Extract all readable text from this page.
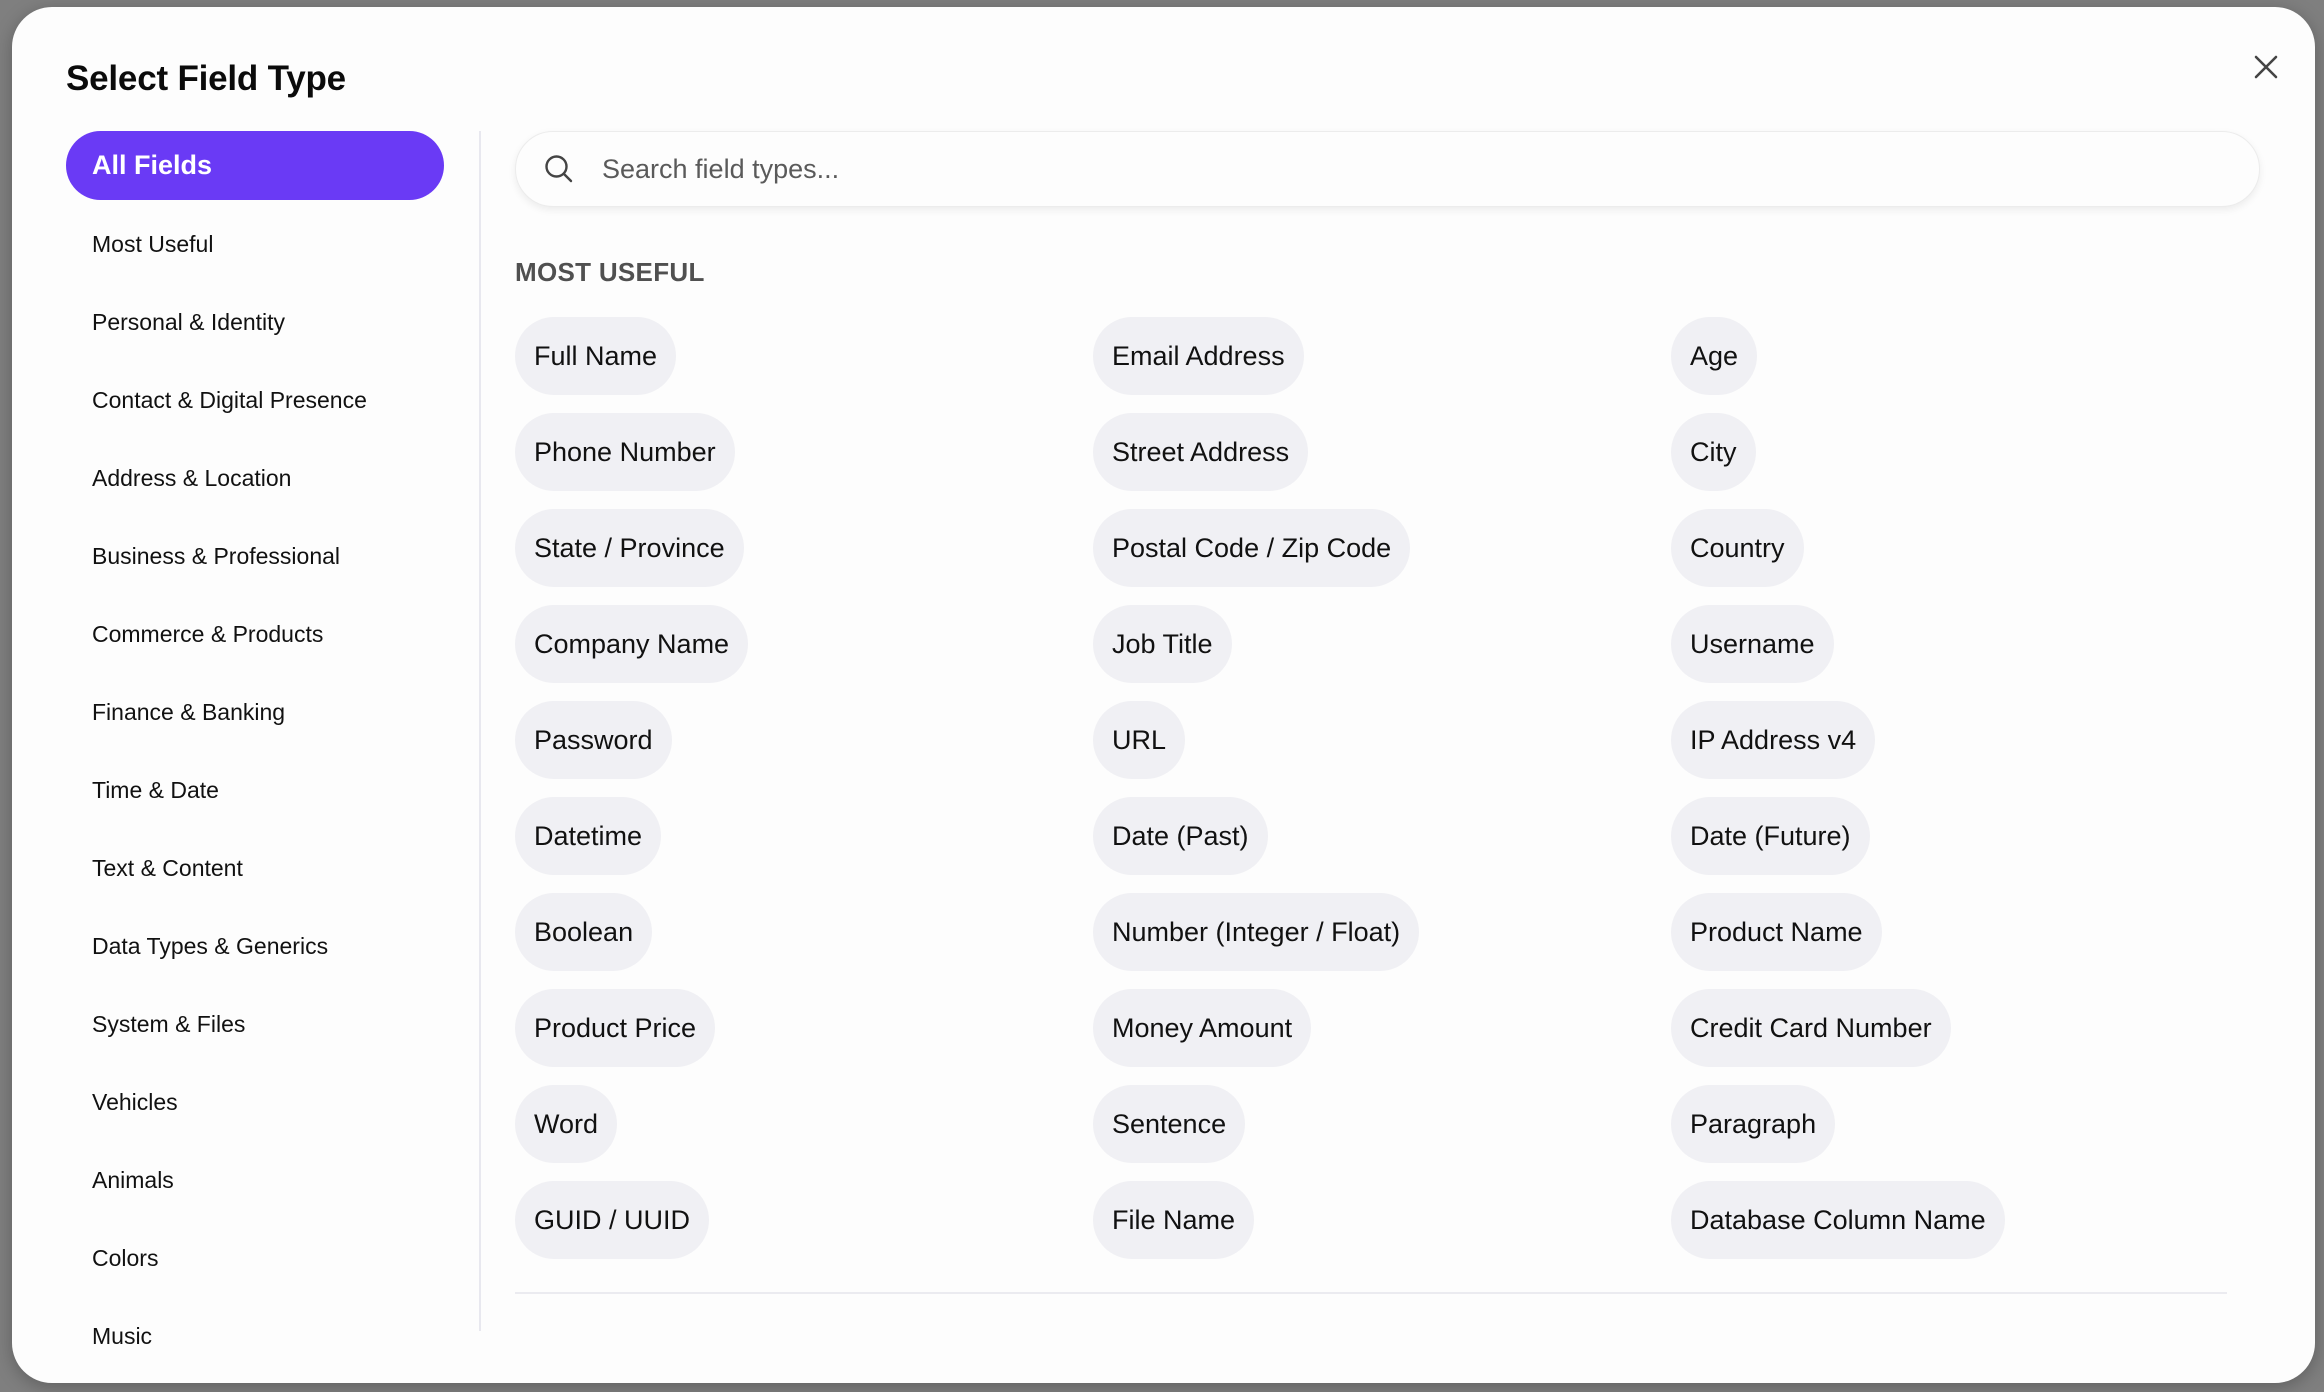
Select Field Type
All Fields
Most Useful
Personal & Identity
Contact & Digital Presence
Address & Location
Business & Professional
Commerce & Products
Finance & Banking
Time & Date
Text & Content
Data Types & Generics
System & Files
Vehicles
Animals
Colors
Music
Search field types...
MOST USEFUL
Full Name	Email Address	Age
Phone Number	Street Address	City
State / Province	Postal Code / Zip Code	Country
Company Name	Job Title	Username
Password	URL	IP Address v4
Datetime	Date (Past)	Date (Future)
Boolean	Number (Integer / Float)	Product Name
Product Price	Money Amount	Credit Card Number
Word	Sentence	Paragraph
GUID / UUID	File Name	Database Column Name
